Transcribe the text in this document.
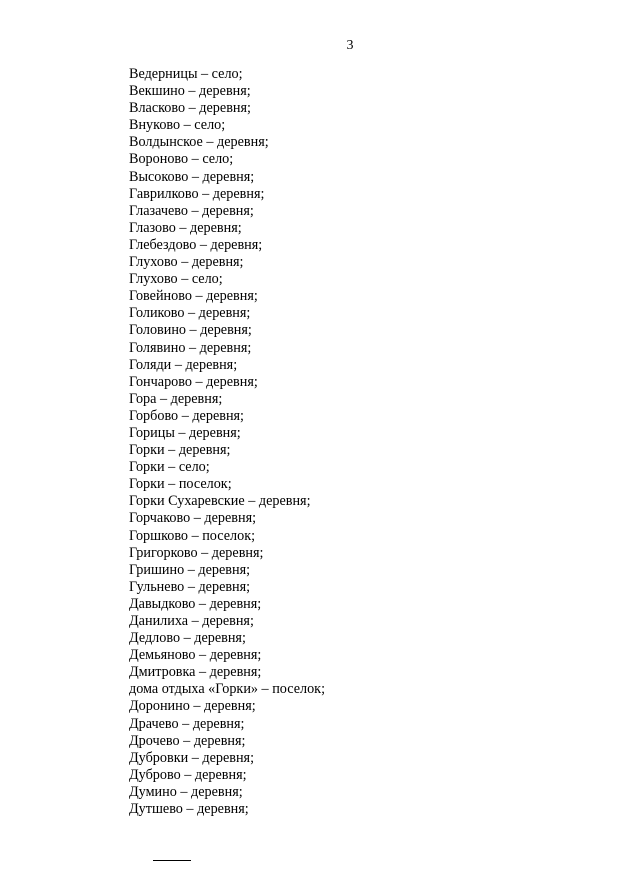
3
Ведерницы – село;
Векшино – деревня;
Власково – деревня;
Внуково – село;
Волдынское – деревня;
Вороново – село;
Высоково – деревня;
Гаврилково – деревня;
Глазачево – деревня;
Глазово – деревня;
Глебездово – деревня;
Глухово – деревня;
Глухово – село;
Говейново – деревня;
Голиково – деревня;
Головино – деревня;
Голявино – деревня;
Голяди – деревня;
Гончарово – деревня;
Гора – деревня;
Горбово – деревня;
Горицы – деревня;
Горки – деревня;
Горки – село;
Горки – поселок;
Горки Сухаревские – деревня;
Горчаково – деревня;
Горшково – поселок;
Григорково – деревня;
Гришино – деревня;
Гульнево – деревня;
Давыдково – деревня;
Данилиха – деревня;
Дедлово – деревня;
Демьяново – деревня;
Дмитровка – деревня;
дома отдыха «Горки» – поселок;
Доронино – деревня;
Драчево – деревня;
Дрочево – деревня;
Дубровки – деревня;
Дуброво – деревня;
Думино – деревня;
Дутшево – деревня;
